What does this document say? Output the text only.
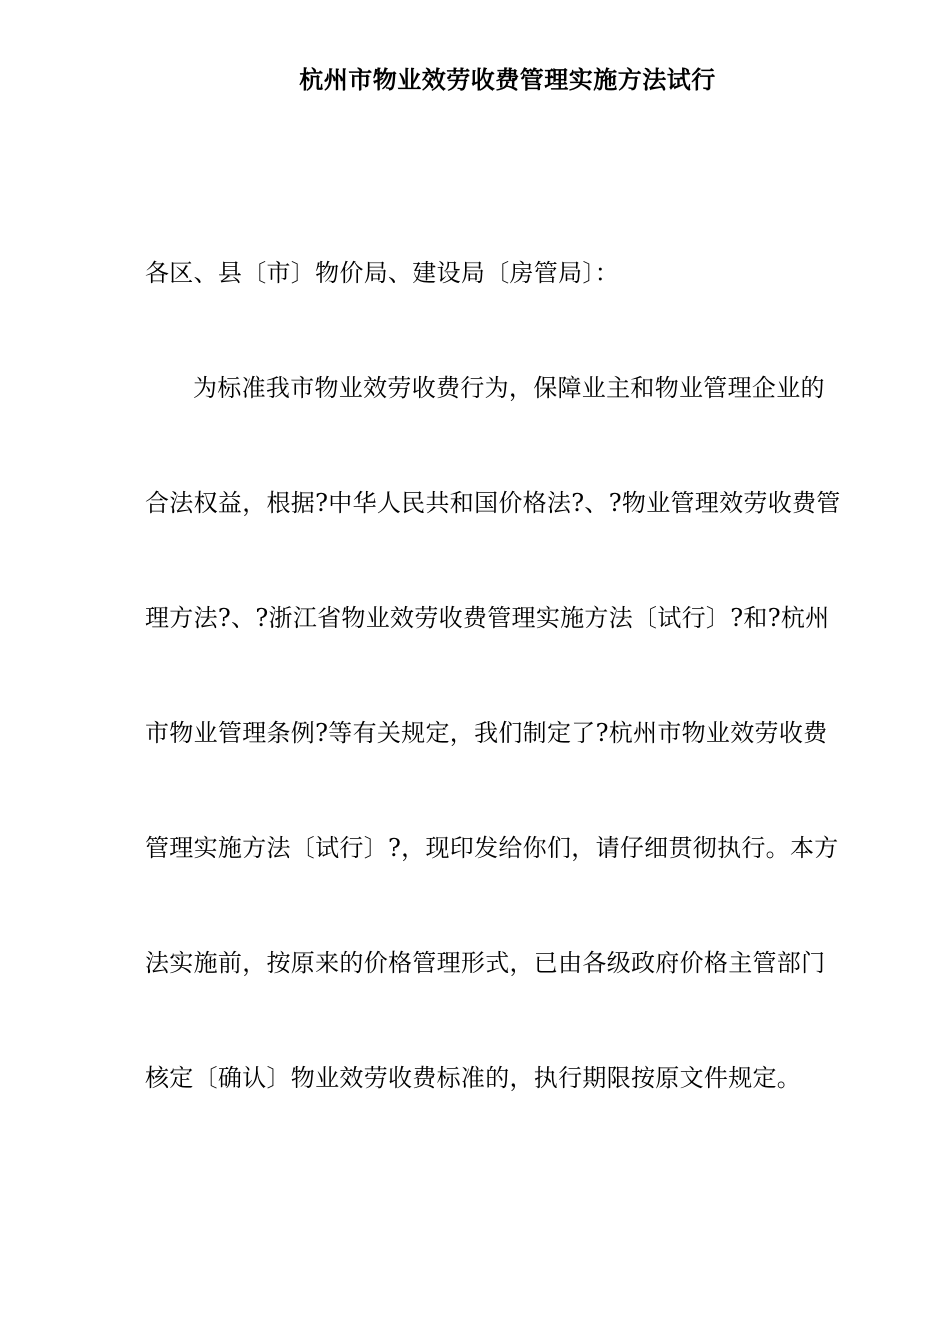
杭州市物业效劳收费管理实施方法试行
各区、县〔市〕物价局、建设局〔房管局〕：
为标准我市物业效劳收费行为，保障业主和物业管理企业的
合法权益，根据?中华人民共和国价格法?、?物业管理效劳收费管
理方法?、?浙江省物业效劳收费管理实施方法〔试行〕?和?杭州
市物业管理条例?等有关规定，我们制定了?杭州市物业效劳收费
管理实施方法〔试行〕?，现印发给你们，请仔细贯彻执行。本方
法实施前，按原来的价格管理形式，已由各级政府价格主管部门
核定〔确认〕物业效劳收费标准的，执行期限按原文件规定。
